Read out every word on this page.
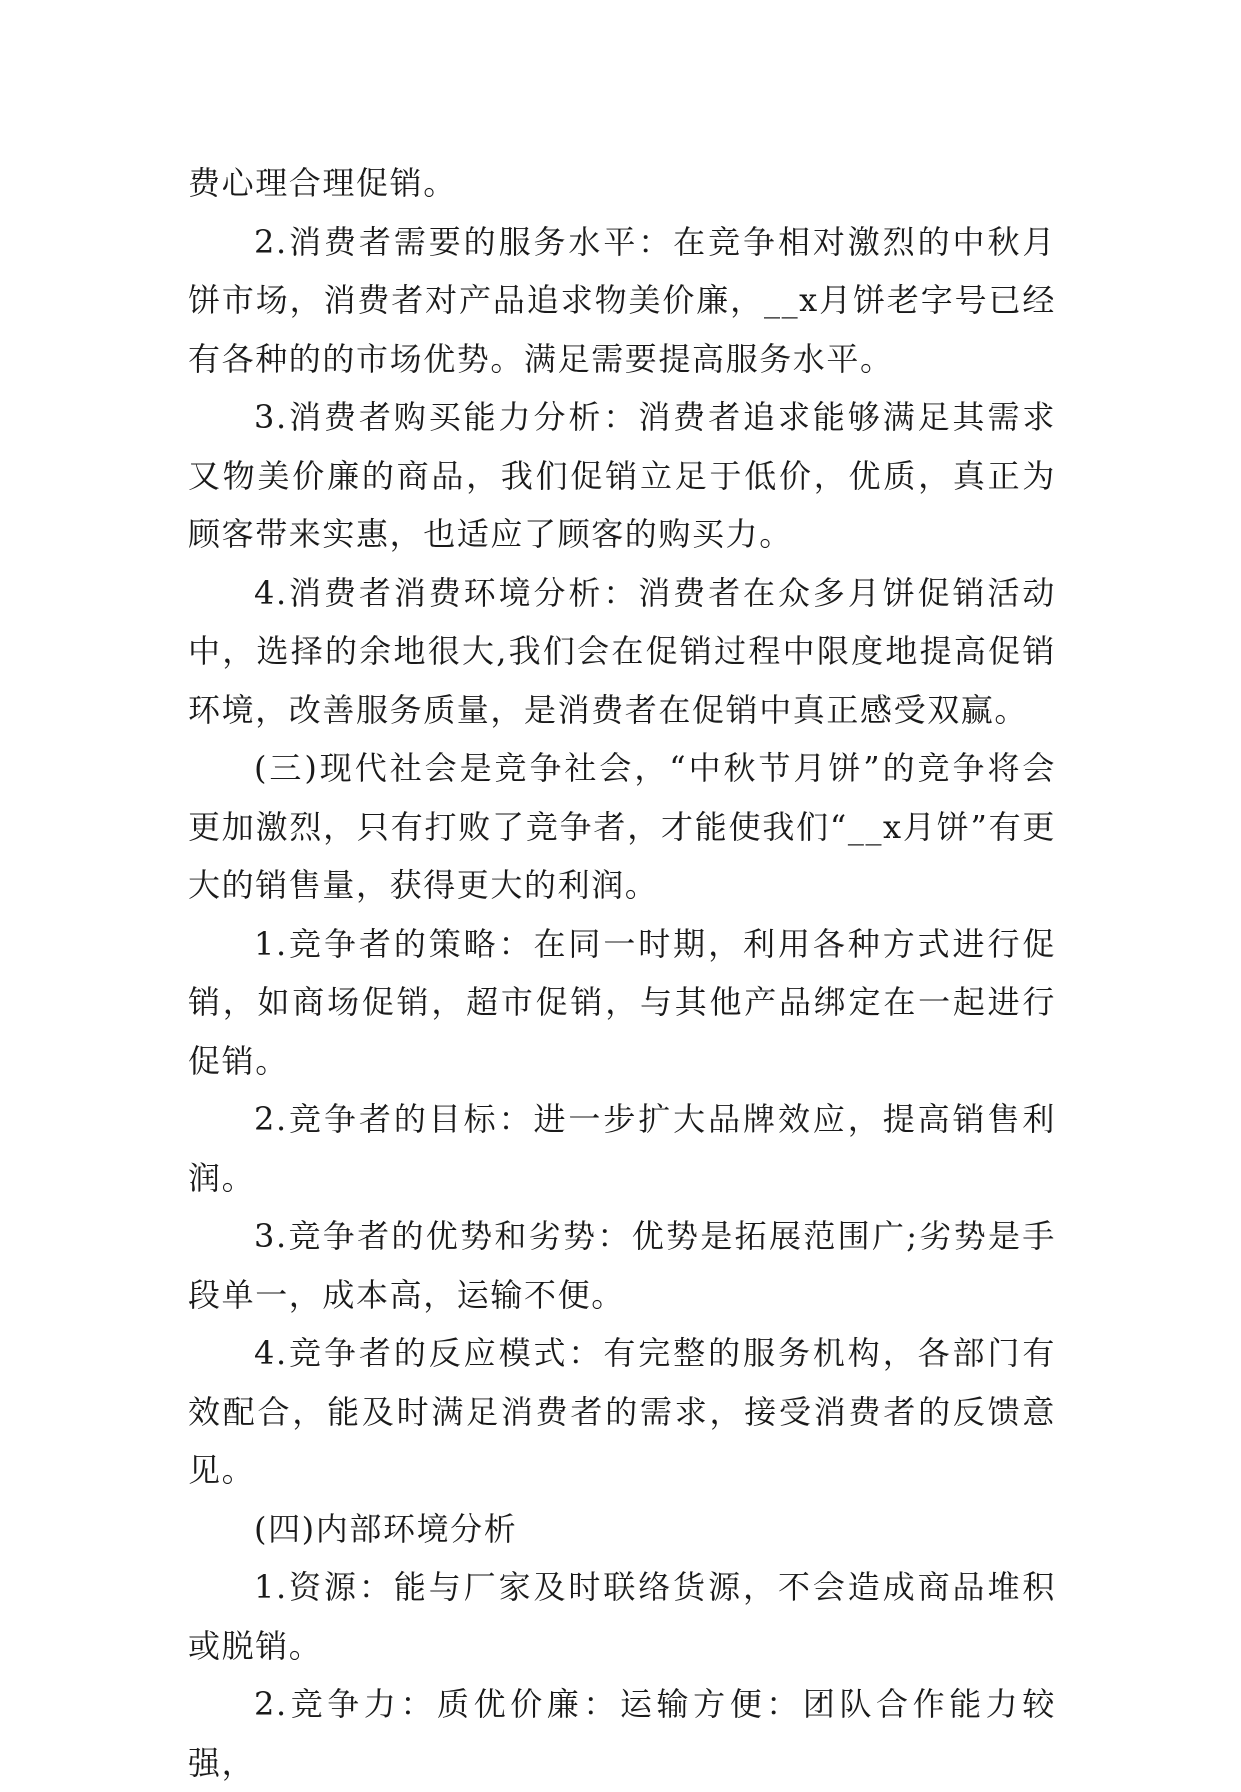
费心理合理促销。

2.消费者需要的服务水平：在竞争相对激烈的中秋月饼市场，消费者对产品追求物美价廉，__x月饼老字号已经有各种的的市场优势。满足需要提高服务水平。

3.消费者购买能力分析：消费者追求能够满足其需求又物美价廉的商品，我们促销立足于低价，优质，真正为顾客带来实惠，也适应了顾客的购买力。

4.消费者消费环境分析：消费者在众多月饼促销活动中，选择的余地很大,我们会在促销过程中限度地提高促销环境，改善服务质量，是消费者在促销中真正感受双赢。

(三)现代社会是竞争社会，“中秋节月饼”的竞争将会更加激烈，只有打败了竞争者，才能使我们“__x月饼”有更大的销售量，获得更大的利润。

1.竞争者的策略：在同一时期，利用各种方式进行促销，如商场促销，超市促销，与其他产品绑定在一起进行促销。

2.竞争者的目标：进一步扩大品牌效应，提高销售利润。

3.竞争者的优势和劣势：优势是拓展范围广;劣势是手段单一，成本高，运输不便。

4.竞争者的反应模式：有完整的服务机构，各部门有效配合，能及时满足消费者的需求，接受消费者的反馈意见。

(四)内部环境分析

1.资源：能与厂家及时联络货源，不会造成商品堆积或脱销。

2.竞争力：质优价廉：运输方便：团队合作能力较强，
